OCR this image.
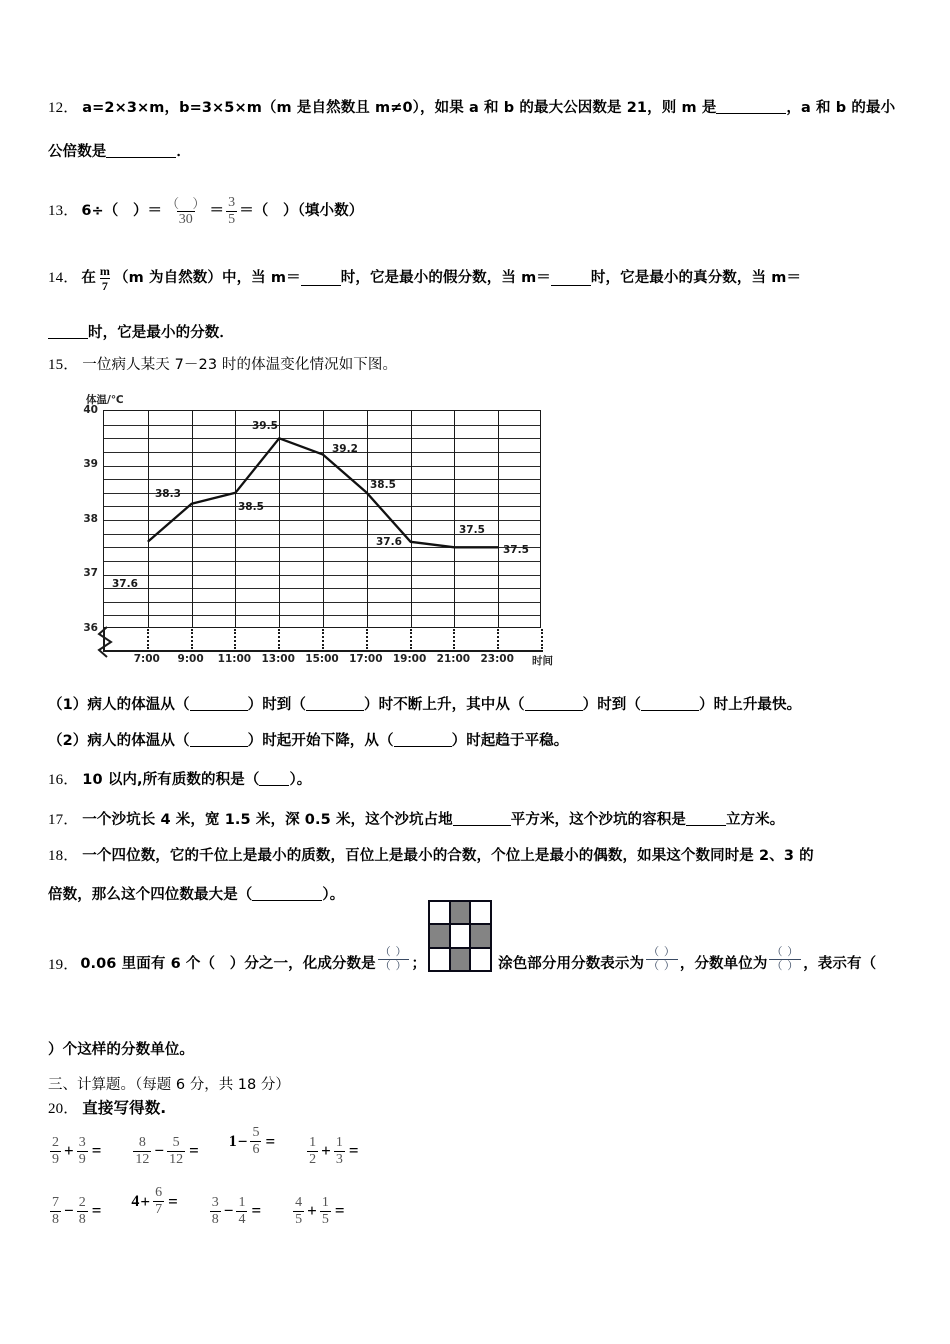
12． a=2×3×m，b=3×5×m（m 是自然数且 m≠0），如果 a 和 b 的最大公因数是 21，则 m 是	，a 和 b 的最小
公倍数是	．
13． 6÷（　）＝ $\frac{( )}{30} = \frac{3}{5}$ ＝（　）（填小数）
14． 在 $\frac{m}{7} (m$ 为自然数）中，当 m＝	时，它是最小的假分数，当 m＝	时，它是最小的真分数，当 m＝
时，它是最小的分数．
15． 一位病人某天 7－23 时的体温变化情况如下图。
体温/℃
40
39
38
37
36
37.6
38.3
38.5
39.5
39.2
38.5
37.6
37.5
37.5
7:00 9:00 11:00 13:00 15:00 17:00 19:00 21:00 23:00 时间
（1）病人的体温从（	）时到（	）时不断上升，其中从（	）时到（	）时上升最快。
（2）病人的体温从（	）时起开始下降，从（	）时起趋于平稳。
16． 10 以内,所有质数的积是（ ）。
17． 一个沙坑长 4 米，宽 1.5 米，深 0.5 米，这个沙坑占地	平方米，这个沙坑的容积是	立方米。
18． 一个四位数，它的千位上是最小的质数，百位上是最小的合数，个位上是最小的偶数，如果这个数同时是 2、3 的
倍数，那么这个四位数最大是（	）。
19． 0.06 里面有 6 个（　）分之一，化成分数是 $\frac{( )}{( )}$ ；	涂色部分用分数表示为 $\frac{( )}{( )}$ ，分数单位为 $\frac{( )}{( )}$ ，表示有（
）个这样的分数单位。
三、计算题。（每题 6 分，共 18 分）
20． 直接写得数.
$\frac{2}{9} + \frac{3}{9}$ =
$\frac{8}{12} - \frac{5}{12}$ =
$1 - \frac{5}{6}$ =
$\frac{1}{2} + \frac{1}{3}$ =
$\frac{7}{8} - \frac{2}{8}$ =
$4 + \frac{6}{7}$ =
$\frac{3}{8} - \frac{1}{4}$ =
$\frac{4}{5} + \frac{1}{5}$ =
